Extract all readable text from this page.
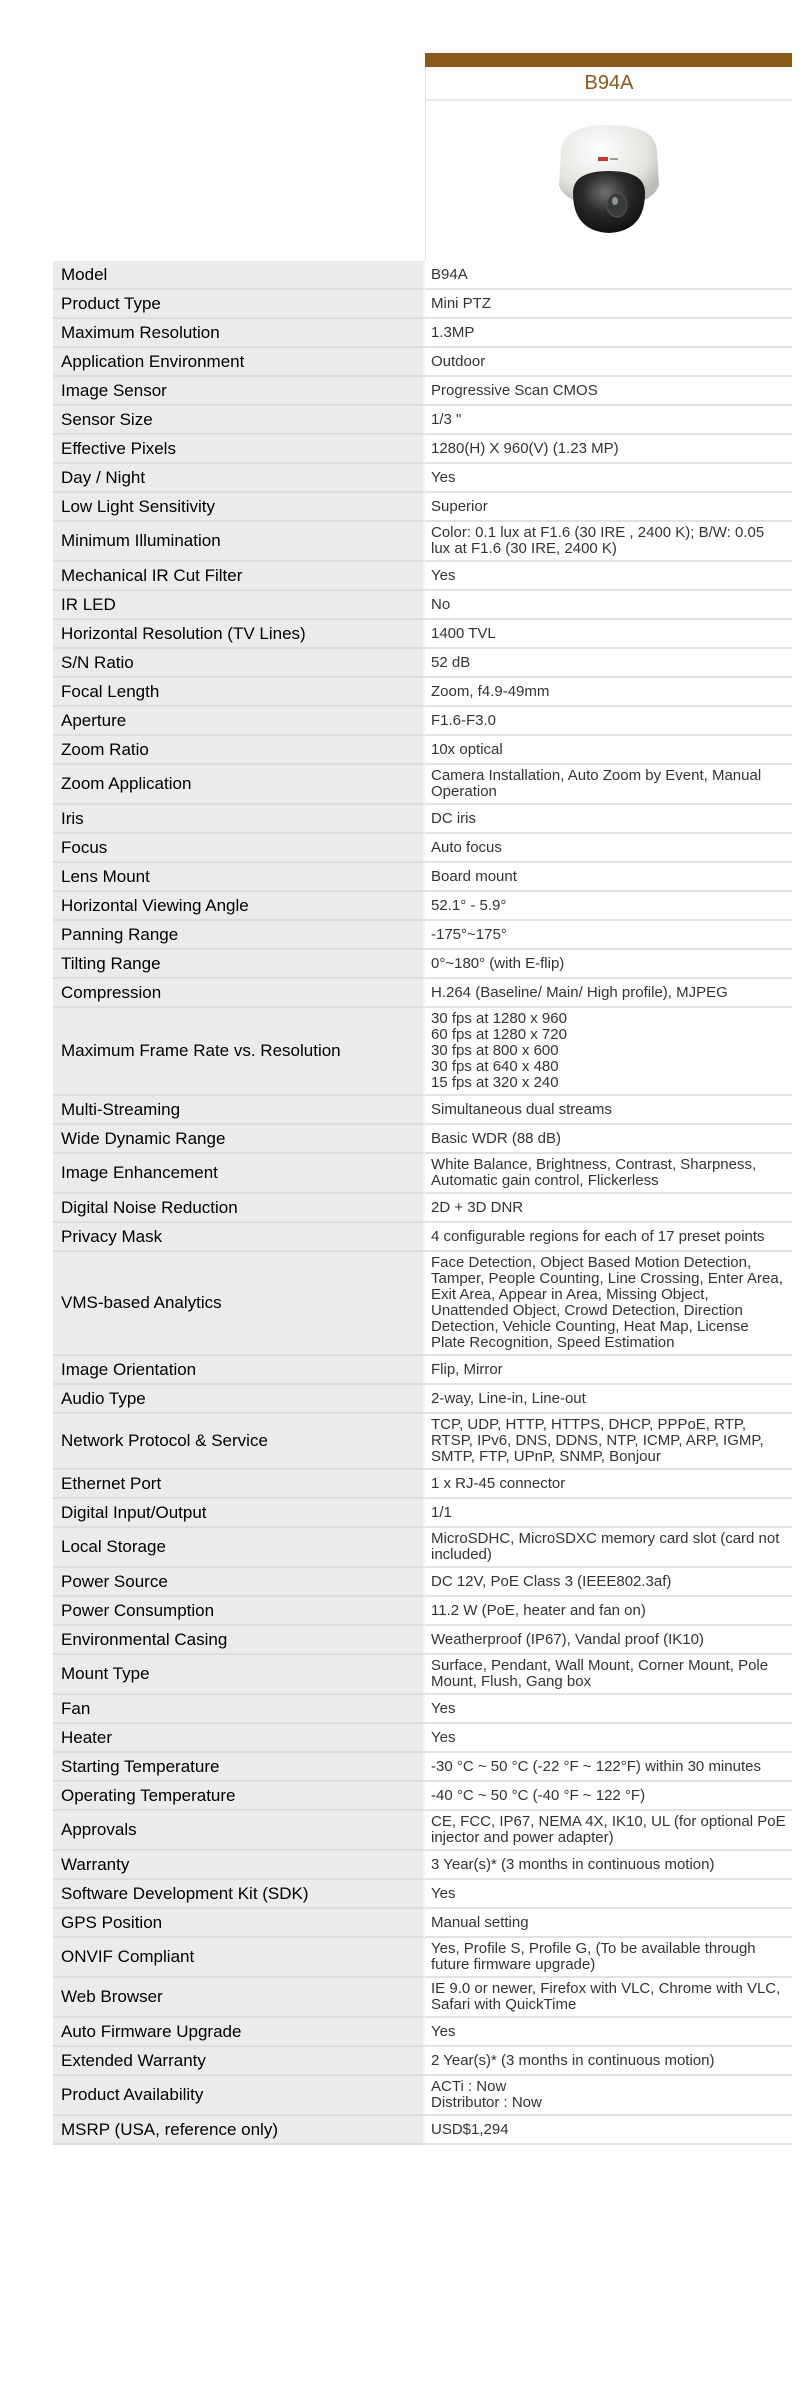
	B94A

Model	B94A
Product Type	Mini PTZ
Maximum Resolution	1.3MP
Application Environment	Outdoor
Image Sensor	Progressive Scan CMOS
Sensor Size	1/3 "
Effective Pixels	1280(H) X 960(V) (1.23 MP)
Day / Night	Yes
Low Light Sensitivity	Superior
Minimum Illumination	Color: 0.1 lux at F1.6 (30 IRE , 2400 K); B/W: 0.05 lux at F1.6 (30 IRE, 2400 K)
Mechanical IR Cut Filter	Yes
IR LED	No
Horizontal Resolution (TV Lines)	1400 TVL
S/N Ratio	52 dB
Focal Length	Zoom, f4.9-49mm
Aperture	F1.6-F3.0
Zoom Ratio	10x optical
Zoom Application	Camera Installation, Auto Zoom by Event, Manual Operation
Iris	DC iris
Focus	Auto focus
Lens Mount	Board mount
Horizontal Viewing Angle	52.1° - 5.9°
Panning Range	-175°~175°
Tilting Range	0°~180° (with E-flip)
Compression	H.264 (Baseline/ Main/ High profile), MJPEG
Maximum Frame Rate vs. Resolution	30 fps at 1280 x 960
60 fps at 1280 x 720
30 fps at 800 x 600
30 fps at 640 x 480
15 fps at 320 x 240
Multi-Streaming	Simultaneous dual streams
Wide Dynamic Range	Basic WDR (88 dB)
Image Enhancement	White Balance, Brightness, Contrast, Sharpness, Automatic gain control, Flickerless
Digital Noise Reduction	2D + 3D DNR
Privacy Mask	4 configurable regions for each of 17 preset points
VMS-based Analytics	Face Detection, Object Based Motion Detection, Tamper, People Counting, Line Crossing, Enter Area, Exit Area, Appear in Area, Missing Object, Unattended Object, Crowd Detection, Direction Detection, Vehicle Counting, Heat Map, License Plate Recognition, Speed Estimation
Image Orientation	Flip, Mirror
Audio Type	2-way, Line-in, Line-out
Network Protocol & Service	TCP, UDP, HTTP, HTTPS, DHCP, PPPoE, RTP, RTSP, IPv6, DNS, DDNS, NTP, ICMP, ARP, IGMP, SMTP, FTP, UPnP, SNMP, Bonjour
Ethernet Port	1 x RJ-45 connector
Digital Input/Output	1/1
Local Storage	MicroSDHC, MicroSDXC memory card slot (card not included)
Power Source	DC 12V, PoE Class 3 (IEEE802.3af)
Power Consumption	11.2 W (PoE, heater and fan on)
Environmental Casing	Weatherproof (IP67), Vandal proof (IK10)
Mount Type	Surface, Pendant, Wall Mount, Corner Mount, Pole Mount, Flush, Gang box
Fan	Yes
Heater	Yes
Starting Temperature	-30 °C ~ 50 °C (-22 °F ~ 122°F) within 30 minutes
Operating Temperature	-40 °C ~ 50 °C (-40 °F ~ 122 °F)
Approvals	CE, FCC, IP67, NEMA 4X, IK10, UL (for optional PoE injector and power adapter)
Warranty	3 Year(s)* (3 months in continuous motion)
Software Development Kit (SDK)	Yes
GPS Position	Manual setting
ONVIF Compliant	Yes, Profile S, Profile G, (To be available through future firmware upgrade)
Web Browser	IE 9.0 or newer, Firefox with VLC, Chrome with VLC, Safari with QuickTime
Auto Firmware Upgrade	Yes
Extended Warranty	2 Year(s)* (3 months in continuous motion)
Product Availability	ACTi : Now
Distributor : Now
MSRP (USA, reference only)	USD$1,294
